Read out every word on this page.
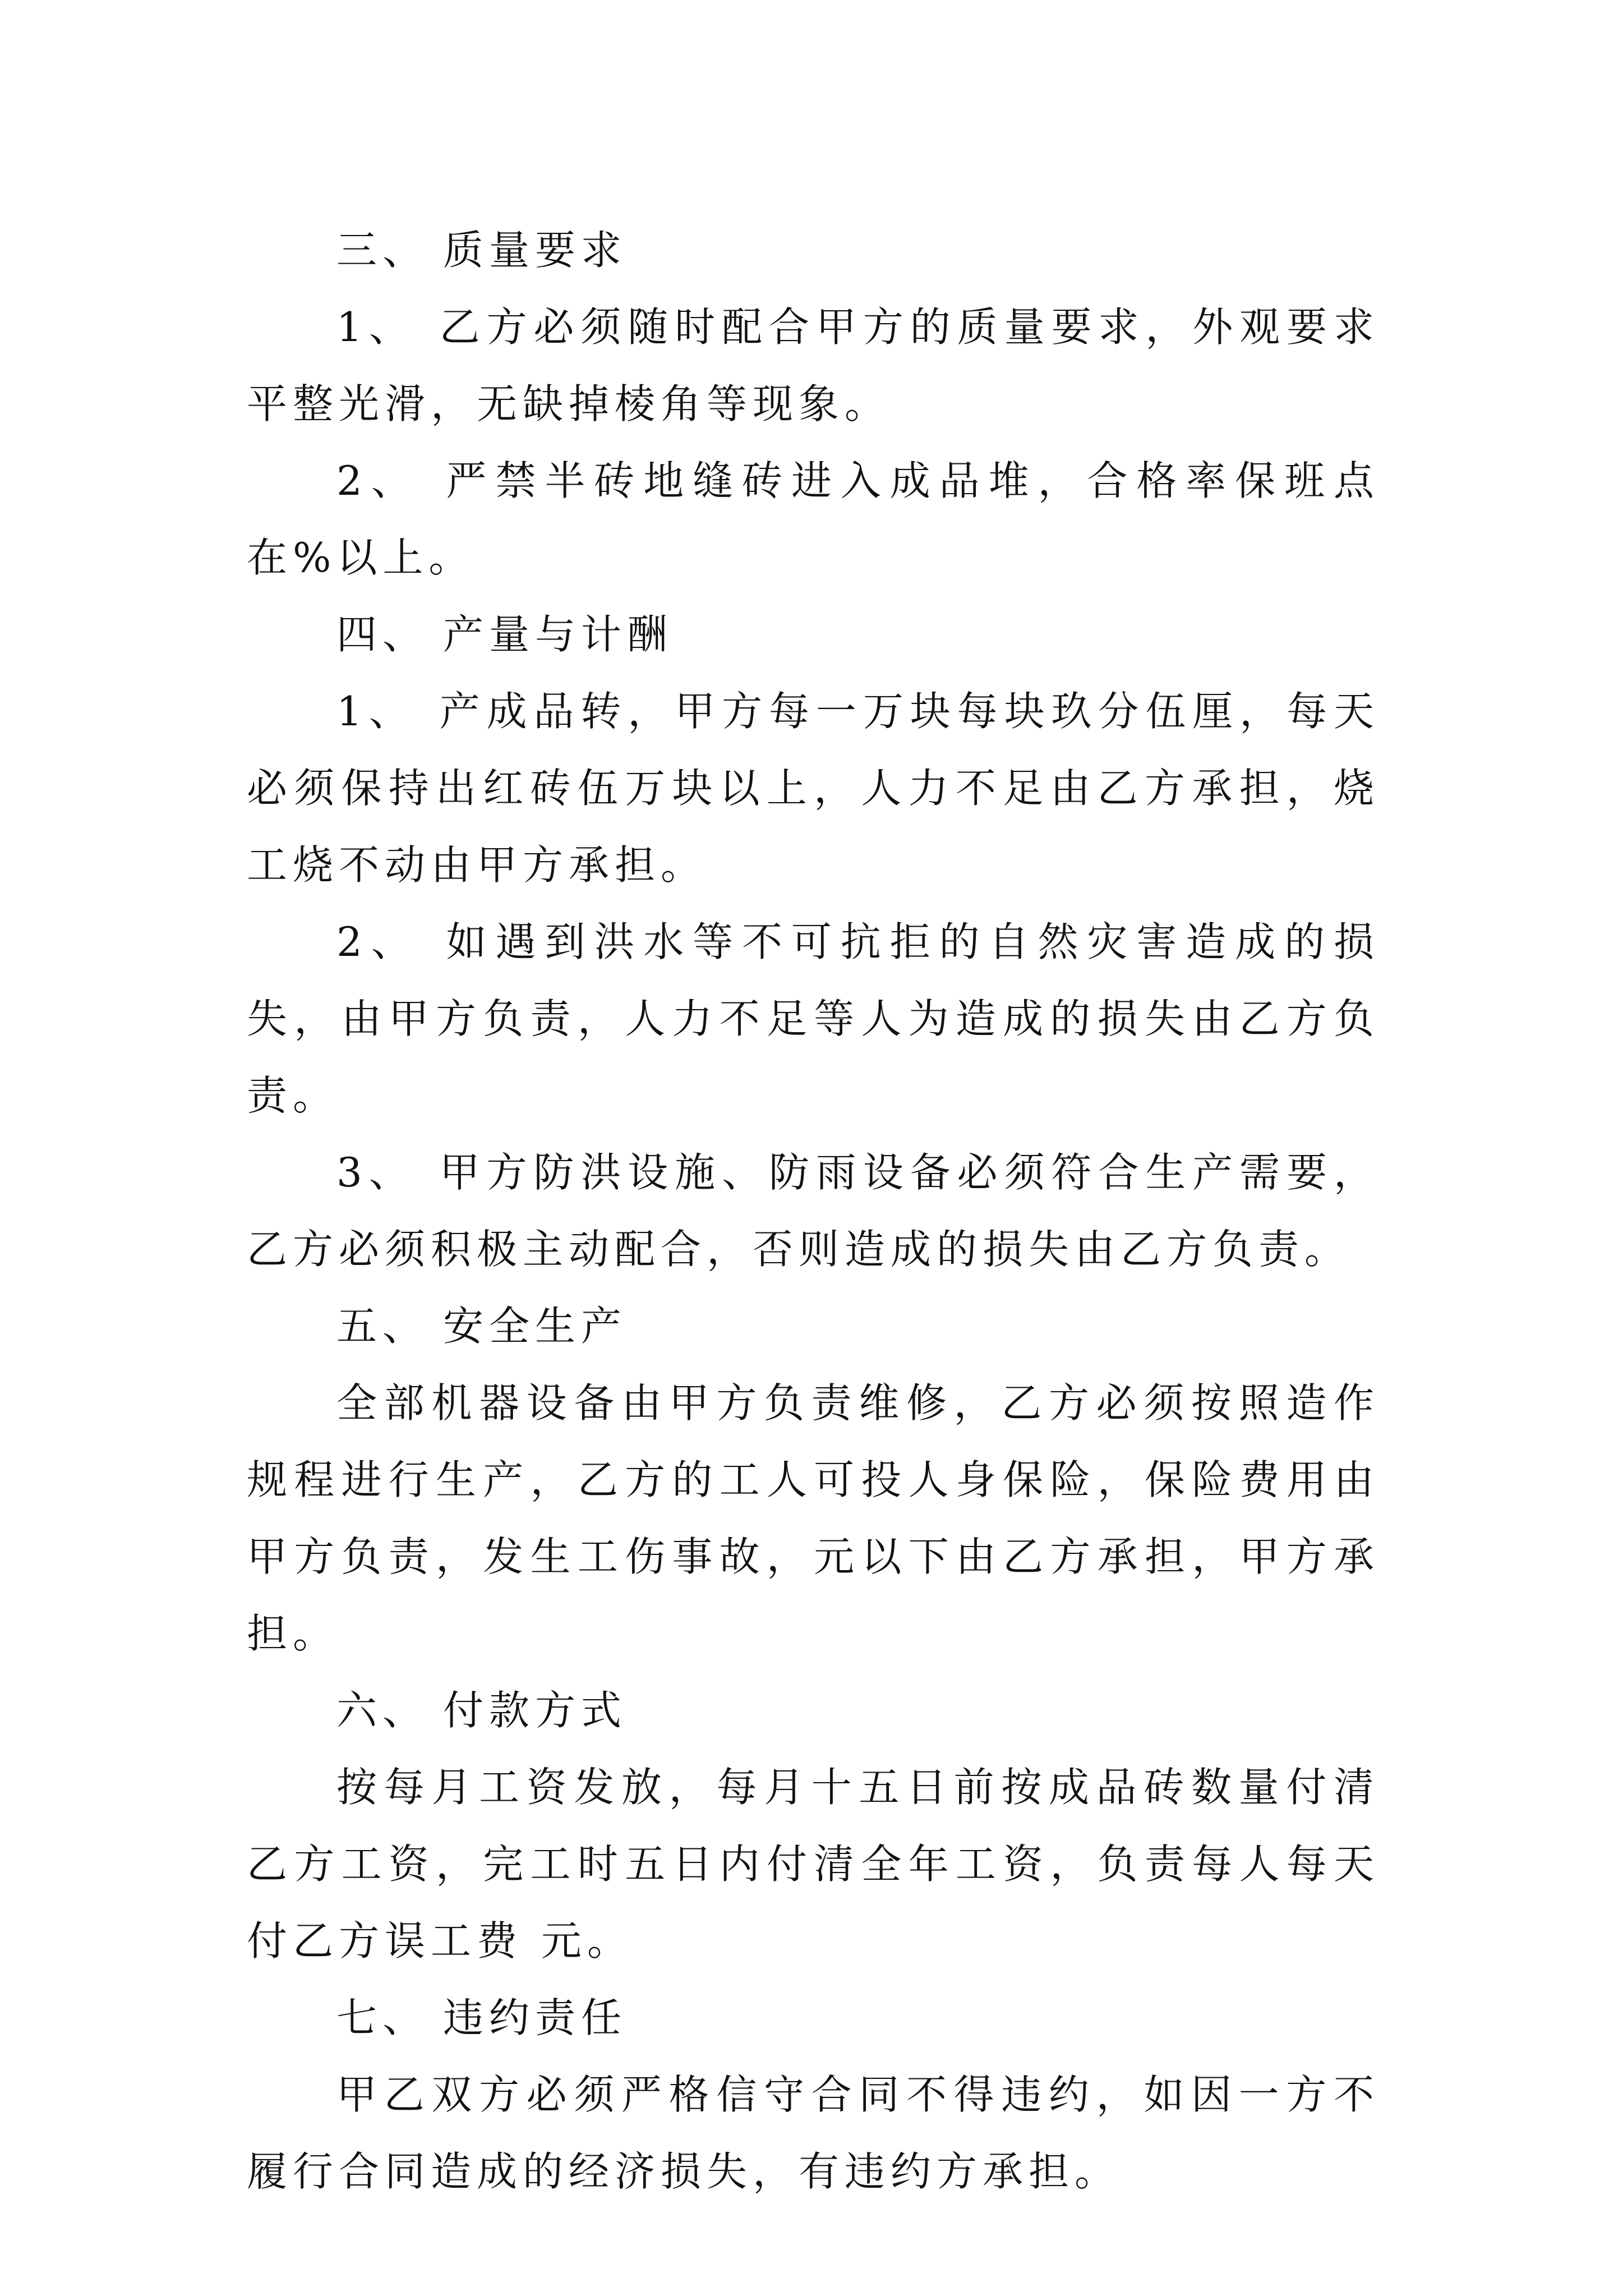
三、 质量要求

1、 乙方必须随时配合甲方的质量要求，外观要求平整光滑，无缺掉棱角等现象。

2、 严禁半砖地缝砖进入成品堆，合格率保班点在%以上。

四、 产量与计酬

1、 产成品转，甲方每一万块每块玖分伍厘，每天必须保持出红砖伍万块以上，人力不足由乙方承担，烧工烧不动由甲方承担。

2、 如遇到洪水等不可抗拒的自然灾害造成的损失，由甲方负责，人力不足等人为造成的损失由乙方负责。

3、 甲方防洪设施、防雨设备必须符合生产需要，乙方必须积极主动配合，否则造成的损失由乙方负责。

五、 安全生产

全部机器设备由甲方负责维修，乙方必须按照造作规程进行生产，乙方的工人可投人身保险，保险费用由甲方负责，发生工伤事故，元以下由乙方承担，甲方承担。

六、 付款方式

按每月工资发放，每月十五日前按成品砖数量付清乙方工资，完工时五日内付清全年工资，负责每人每天付乙方误工费 元。

七、 违约责任

甲乙双方必须严格信守合同不得违约，如因一方不履行合同造成的经济损失，有违约方承担。
